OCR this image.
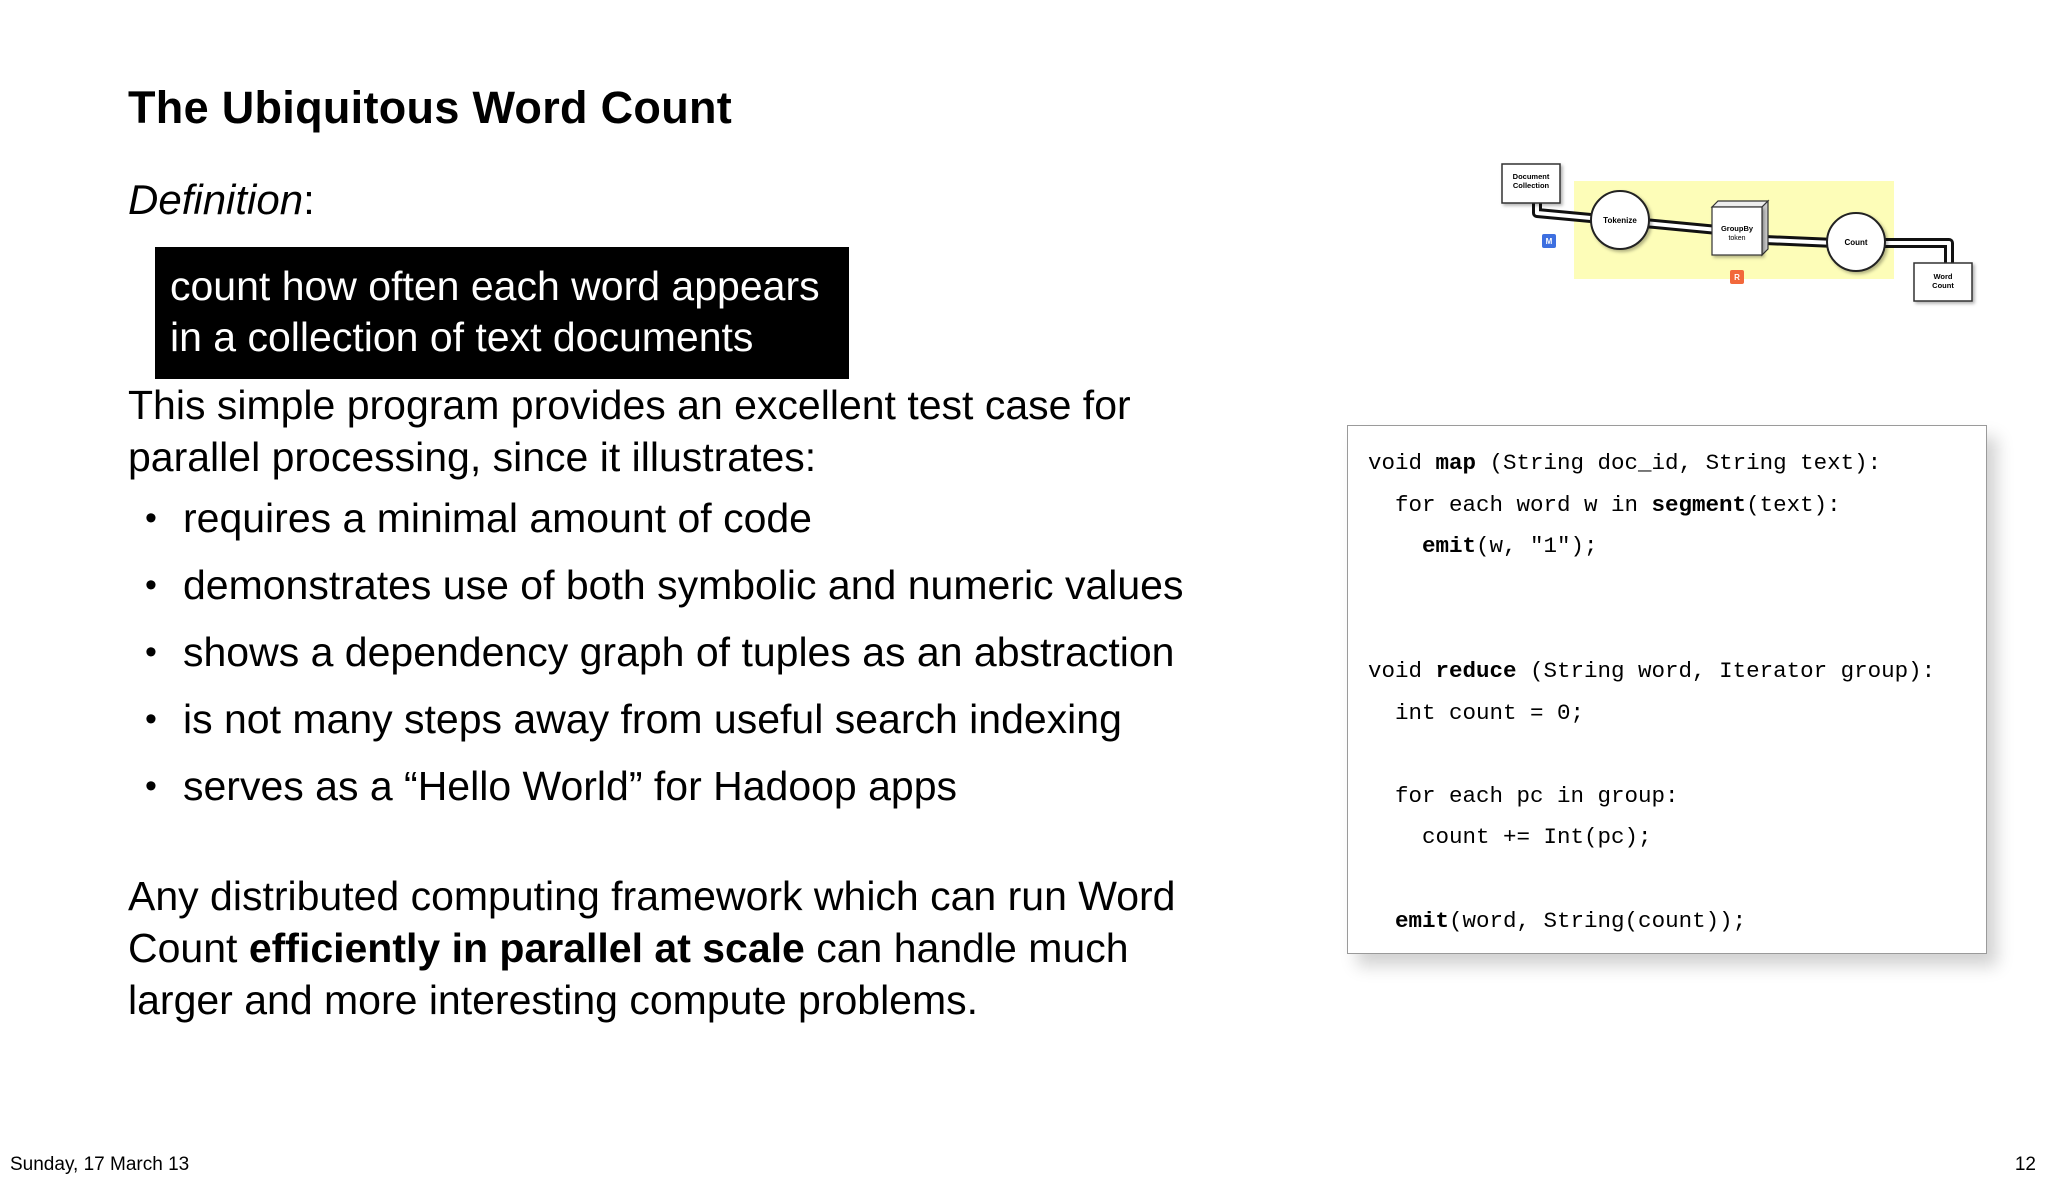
The Ubiquitous Word Count
Definition:
count how often each word appears
in a collection of text documents
This simple program provides an excellent test case for
parallel processing, since it illustrates:
• requires a minimal amount of code
• demonstrates use of both symbolic and numeric values
• shows a dependency graph of tuples as an abstraction
• is not many steps away from useful search indexing
• serves as a “Hello World” for Hadoop apps
Any distributed computing framework which can run Word
Count efficiently in parallel at scale can handle much
larger and more interesting compute problems.
Document
Collection
Tokenize
GroupBy
token	Count
Word
Count
M
R
void map (String doc_id, String text):
for each word w in segment(text):
emit(w, "1");
void reduce (String word, Iterator group):
int count = 0;
for each pc in group:
count += Int(pc);
emit(word, String(count));
Sunday, 17 March 13	12
